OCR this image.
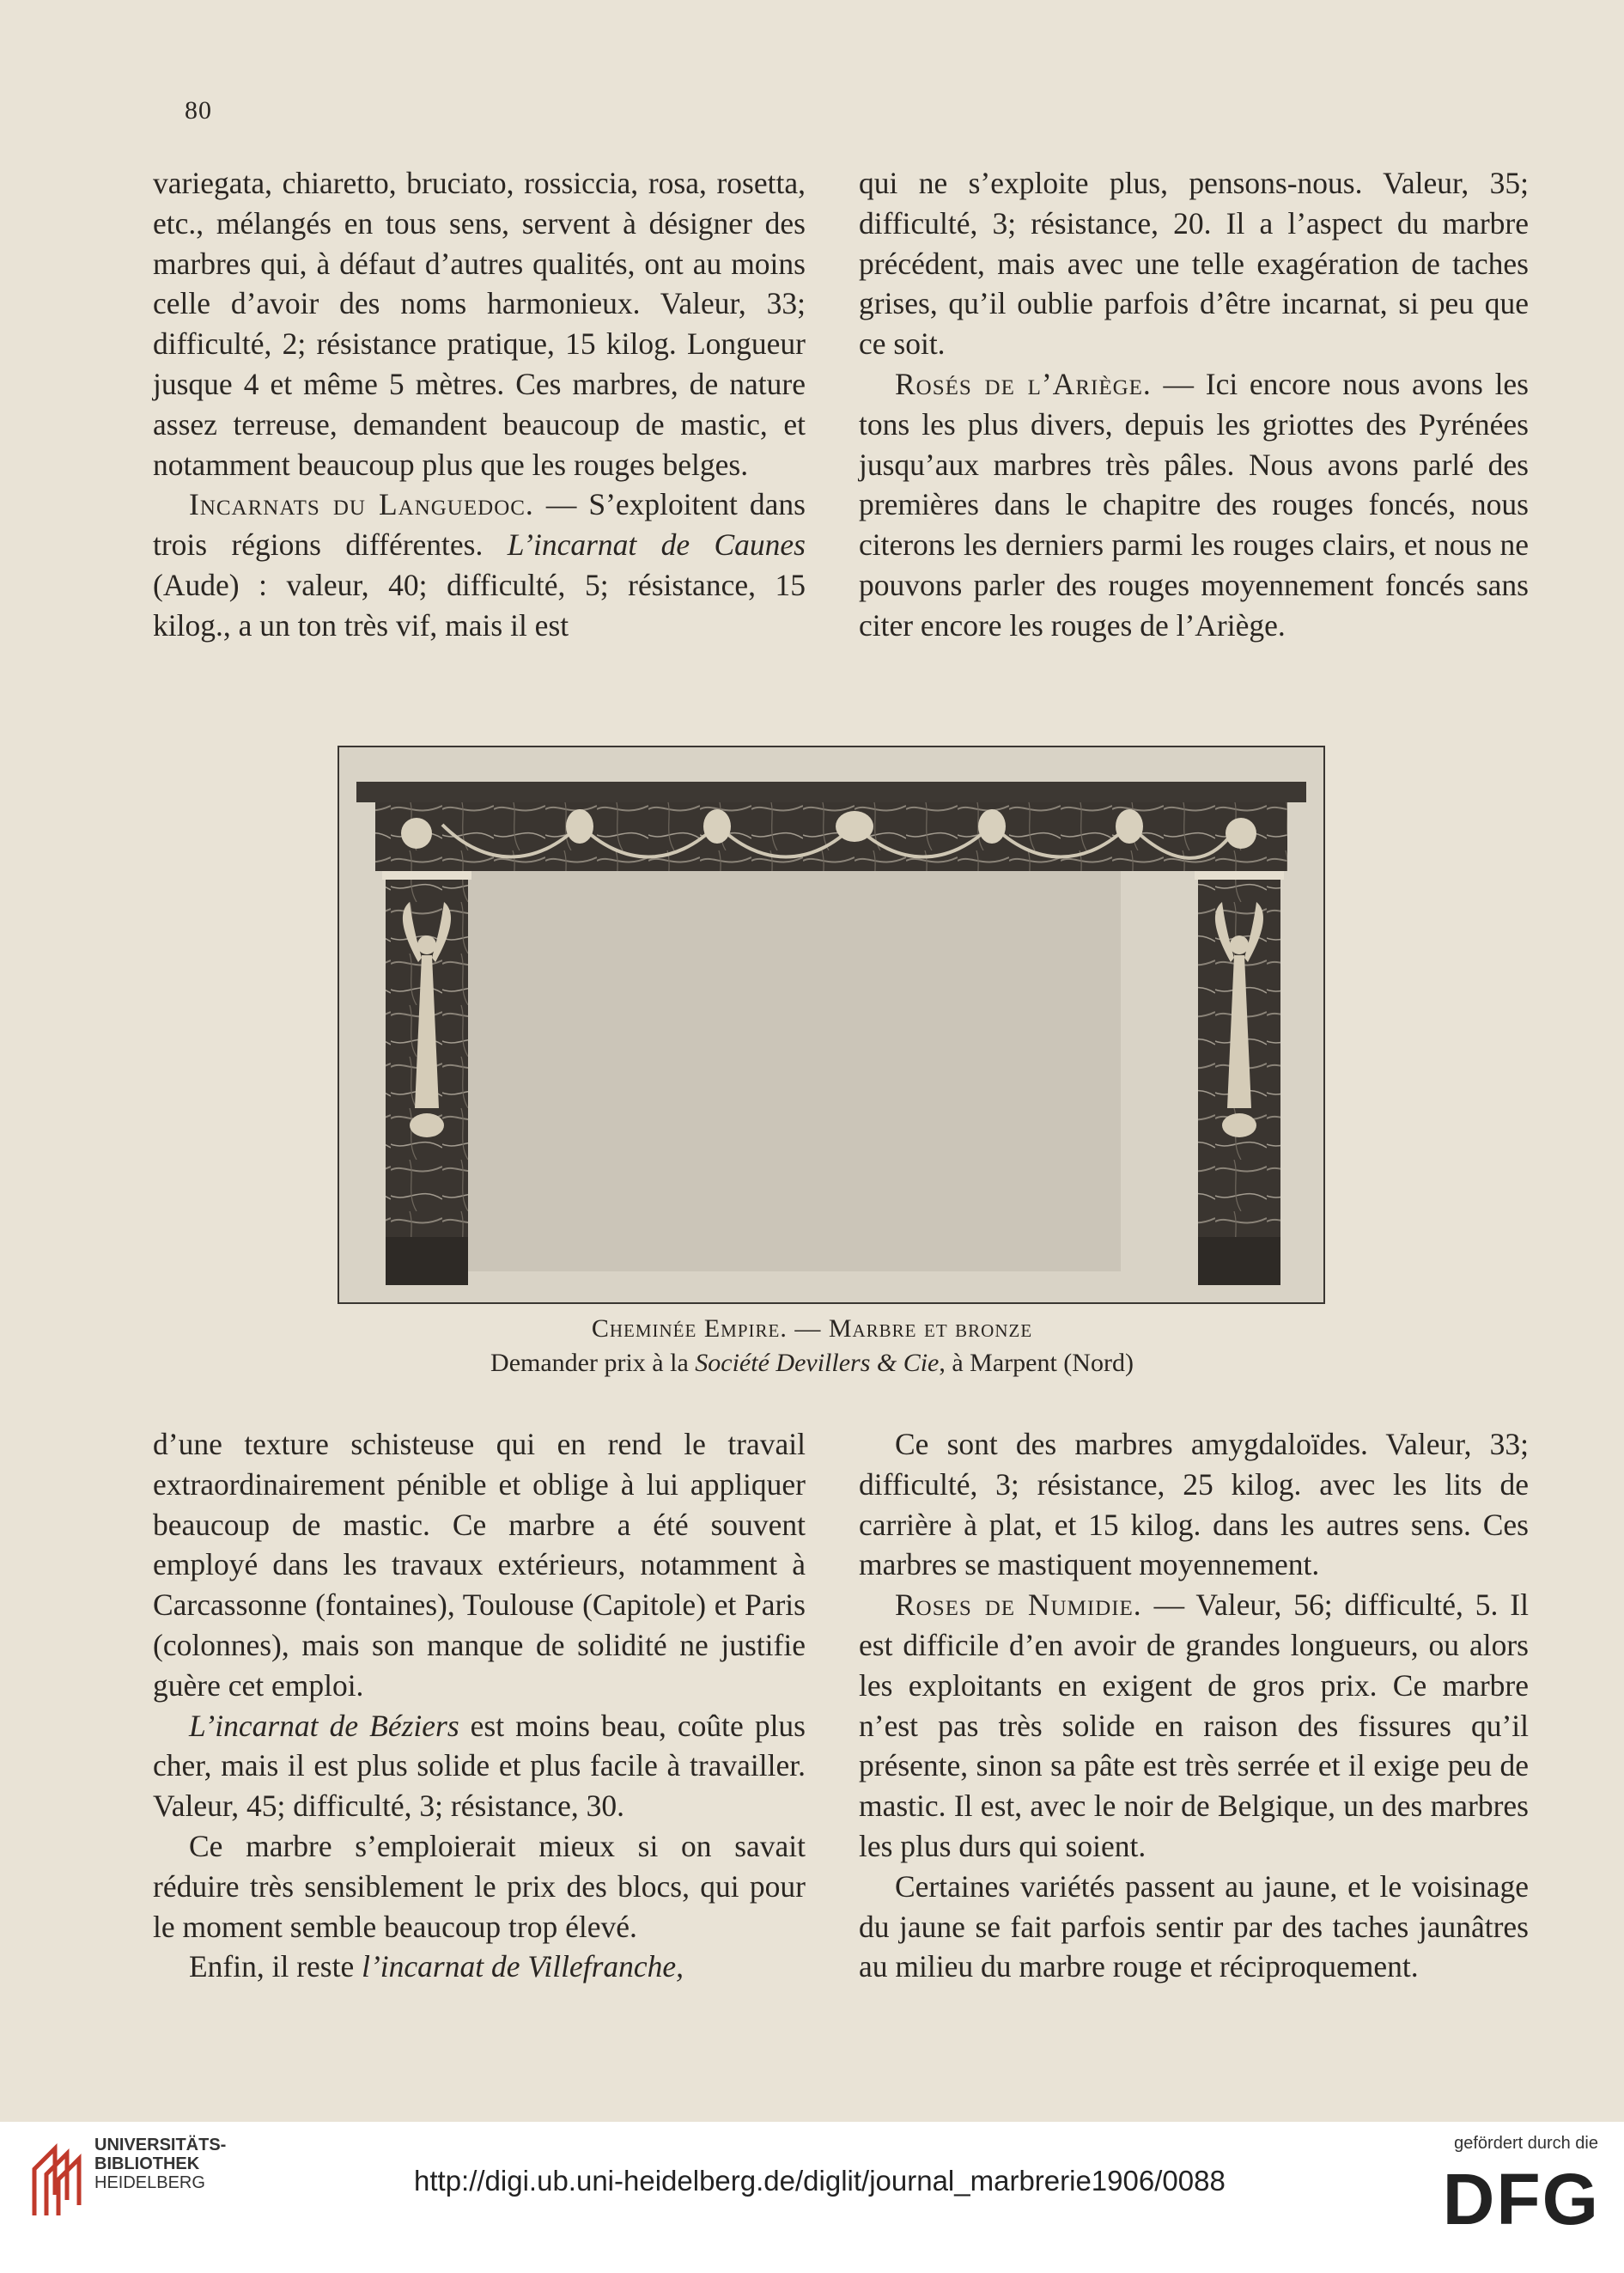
80

variegata, chiaretto, bruciato, rossiccia, rosa, rosetta, etc., mélangés en tous sens, servent à désigner des marbres qui, à défaut d’autres qualités, ont au moins celle d’avoir des noms harmonieux. Valeur, 33; difficulté, 2; résistance pratique, 15 kilog. Longueur jusque 4 et même 5 mètres. Ces marbres, de nature assez terreuse, demandent beaucoup de mastic, et notamment beaucoup plus que les rouges belges.

Incarnats du Languedoc. — S’exploitent dans trois régions différentes. L’incarnat de Caunes (Aude) : valeur, 40; difficulté, 5; résistance, 15 kilog., a un ton très vif, mais il est

qui ne s’exploite plus, pensons-nous. Valeur, 35; difficulté, 3; résistance, 20. Il a l’aspect du marbre précédent, mais avec une telle exagération de taches grises, qu’il oublie parfois d’être incarnat, si peu que ce soit.

Rosés de l’Ariège. — Ici encore nous avons les tons les plus divers, depuis les griottes des Pyrénées jusqu’aux marbres très pâles. Nous avons parlé des premières dans le chapitre des rouges foncés, nous citerons les derniers parmi les rouges clairs, et nous ne pouvons parler des rouges moyennement foncés sans citer encore les rouges de l’Ariège.

Cheminée Empire. — Marbre et bronze
Demander prix à la Société Devillers & Cie, à Marpent (Nord)

d’une texture schisteuse qui en rend le travail extraordinairement pénible et oblige à lui appliquer beaucoup de mastic. Ce marbre a été souvent employé dans les travaux extérieurs, notamment à Carcassonne (fontaines), Toulouse (Capitole) et Paris (colonnes), mais son manque de solidité ne justifie guère cet emploi.

L’incarnat de Béziers est moins beau, coûte plus cher, mais il est plus solide et plus facile à travailler. Valeur, 45; difficulté, 3; résistance, 30.

Ce marbre s’emploierait mieux si on savait réduire très sensiblement le prix des blocs, qui pour le moment semble beaucoup trop élevé.

Enfin, il reste l’incarnat de Villefranche,

Ce sont des marbres amygdaloïdes. Valeur, 33; difficulté, 3; résistance, 25 kilog. avec les lits de carrière à plat, et 15 kilog. dans les autres sens. Ces marbres se mastiquent moyennement.

Roses de Numidie. — Valeur, 56; difficulté, 5. Il est difficile d’en avoir de grandes longueurs, ou alors les exploitants en exigent de gros prix. Ce marbre n’est pas très solide en raison des fissures qu’il présente, sinon sa pâte est très serrée et il exige peu de mastic. Il est, avec le noir de Belgique, un des marbres les plus durs qui soient.

Certaines variétés passent au jaune, et le voisinage du jaune se fait parfois sentir par des taches jaunâtres au milieu du marbre rouge et réciproquement.

UNIVERSITÄTS-
BIBLIOTHEK
HEIDELBERG	http://digi.ub.uni-heidelberg.de/diglit/journal_marbrerie1906/0088
gefördert durch die
DFG
